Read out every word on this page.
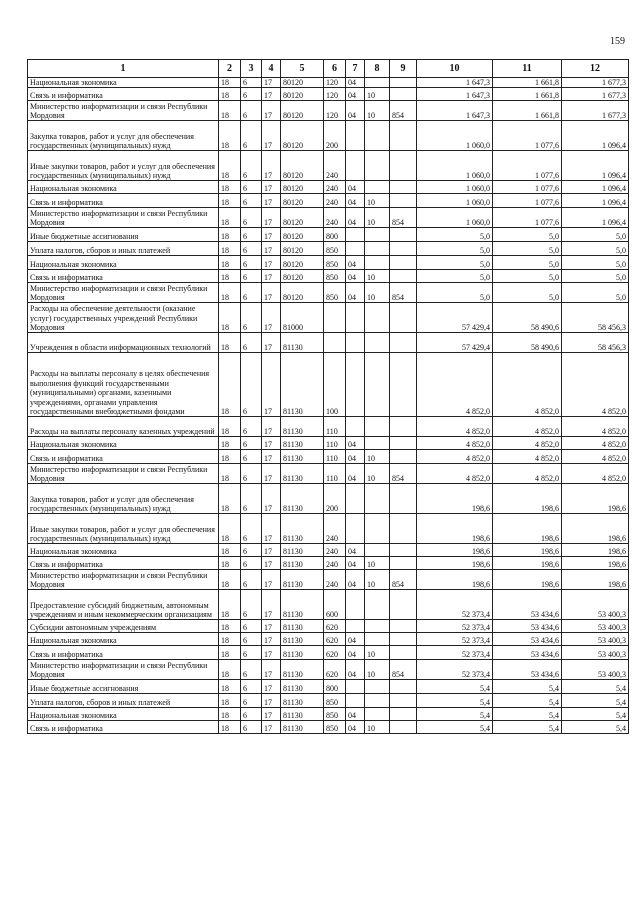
159
1	2	3	4	5	6	7	8	9	10	11	12
Национальная экономика	18	6	17	80120	120	04			1 647,3	1 661,8	1 677,3
Связь и информатика	18	6	17	80120	120	04	10		1 647,3	1 661,8	1 677,3
Министерство информатизации и связи Республики Мордовия	18	6	17	80120	120	04	10	854	1 647,3	1 661,8	1 677,3
Закупка товаров, работ и услуг для обеспечения государственных (муниципальных) нужд	18	6	17	80120	200				1 060,0	1 077,6	1 096,4
Иные закупки товаров, работ и услуг для обеспечения государственных (муниципальных) нужд	18	6	17	80120	240				1 060,0	1 077,6	1 096,4
Национальная экономика	18	6	17	80120	240	04			1 060,0	1 077,6	1 096,4
Связь и информатика	18	6	17	80120	240	04	10		1 060,0	1 077,6	1 096,4
Министерство информатизации и связи Республики Мордовия	18	6	17	80120	240	04	10	854	1 060,0	1 077,6	1 096,4
Иные бюджетные ассигнования	18	6	17	80120	800				5,0	5,0	5,0
Уплата налогов, сборов и иных платежей	18	6	17	80120	850				5,0	5,0	5,0
Национальная экономика	18	6	17	80120	850	04			5,0	5,0	5,0
Связь и информатика	18	6	17	80120	850	04	10		5,0	5,0	5,0
Министерство информатизации и связи Республики Мордовия	18	6	17	80120	850	04	10	854	5,0	5,0	5,0
Расходы на обеспечение деятельности (оказание услуг) государственных учреждений Республики Мордовия	18	6	17	81000					57 429,4	58 490,6	58 456,3
Учреждения в области информационных технологий	18	6	17	81130					57 429,4	58 490,6	58 456,3
Расходы на выплаты персоналу в целях обеспечения выполнения функций государственными (муниципальными) органами, казенными учреждениями, органами управления государственными внебюджетными фондами	18	6	17	81130	100				4 852,0	4 852,0	4 852,0
Расходы на выплаты персоналу казенных учреждений	18	6	17	81130	110				4 852,0	4 852,0	4 852,0
Национальная экономика	18	6	17	81130	110	04			4 852,0	4 852,0	4 852,0
Связь и информатика	18	6	17	81130	110	04	10		4 852,0	4 852,0	4 852,0
Министерство информатизации и связи Республики Мордовия	18	6	17	81130	110	04	10	854	4 852,0	4 852,0	4 852,0
Закупка товаров, работ и услуг для обеспечения государственных (муниципальных) нужд	18	6	17	81130	200				198,6	198,6	198,6
Иные закупки товаров, работ и услуг для обеспечения государственных (муниципальных) нужд	18	6	17	81130	240				198,6	198,6	198,6
Национальная экономика	18	6	17	81130	240	04			198,6	198,6	198,6
Связь и информатика	18	6	17	81130	240	04	10		198,6	198,6	198,6
Министерство информатизации и связи Республики Мордовия	18	6	17	81130	240	04	10	854	198,6	198,6	198,6
Предоставление субсидий бюджетным, автономным учреждениям и иным некоммерческим организациям	18	6	17	81130	600				52 373,4	53 434,6	53 400,3
Субсидии автономным учреждениям	18	6	17	81130	620				52 373,4	53 434,6	53 400,3
Национальная экономика	18	6	17	81130	620	04			52 373,4	53 434,6	53 400,3
Связь и информатика	18	6	17	81130	620	04	10		52 373,4	53 434,6	53 400,3
Министерство информатизации и связи Республики Мордовия	18	6	17	81130	620	04	10	854	52 373,4	53 434,6	53 400,3
Иные бюджетные ассигнования	18	6	17	81130	800				5,4	5,4	5,4
Уплата налогов, сборов и иных платежей	18	6	17	81130	850				5,4	5,4	5,4
Национальная экономика	18	6	17	81130	850	04			5,4	5,4	5,4
Связь и информатика	18	6	17	81130	850	04	10		5,4	5,4	5,4
